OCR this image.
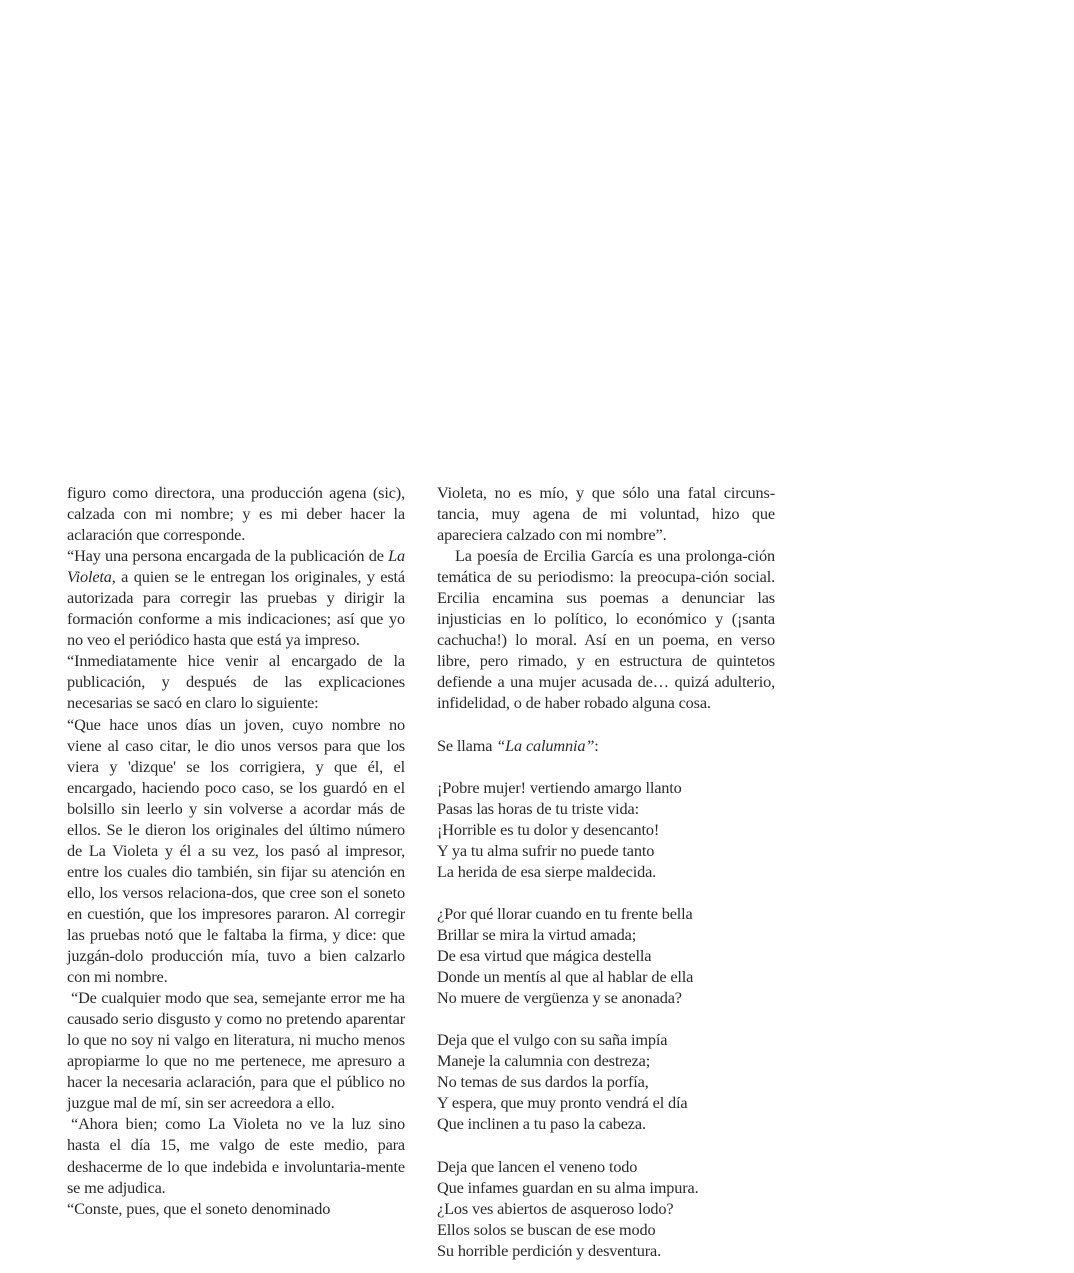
figuro como directora, una producción agena (sic), calzada con mi nombre; y es mi deber hacer la aclaración que corresponde.

“Hay una persona encargada de la publicación de La Violeta, a quien se le entregan los originales, y está autorizada para corregir las pruebas y dirigir la formación conforme a mis indicaciones; así que yo no veo el periódico hasta que está ya impreso.

“Inmediatamente hice venir al encargado de la publicación, y después de las explicaciones necesarias se sacó en claro lo siguiente:

“Que hace unos días un joven, cuyo nombre no viene al caso citar, le dio unos versos para que los viera y 'dizque' se los corrigiera, y que él, el encargado, haciendo poco caso, se los guardó en el bolsillo sin leerlo y sin volverse a acordar más de ellos. Se le dieron los originales del último número de La Violeta y él a su vez, los pasó al impresor, entre los cuales dio también, sin fijar su atención en ello, los versos relaciona-dos, que cree son el soneto en cuestión, que los impresores pararon. Al corregir las pruebas notó que le faltaba la firma, y dice: que juzgán-dolo producción mía, tuvo a bien calzarlo con mi nombre.

“De cualquier modo que sea, semejante error me ha causado serio disgusto y como no pretendo aparentar lo que no soy ni valgo en literatura, ni mucho menos apropiarme lo que no me pertenece, me apresuro a hacer la necesaria aclaración, para que el público no juzgue mal de mí, sin ser acreedora a ello.

“Ahora bien; como La Violeta no ve la luz sino hasta el día 15, me valgo de este medio, para deshacerme de lo que indebida e involuntaria-mente se me adjudica.

“Conste, pues, que el soneto denominado

Violeta, no es mío, y que sólo una fatal circuns-tancia, muy agena de mi voluntad, hizo que apareciera calzado con mi nombre”.

La poesía de Ercilia García es una prolonga-ción temática de su periodismo: la preocupa-ción social. Ercilia encamina sus poemas a denunciar las injusticias en lo político, lo económico y (¡santa cachucha!) lo moral. Así en un poema, en verso libre, pero rimado, y en estructura de quintetos defiende a una mujer acusada de… quizá adulterio, infidelidad, o de haber robado alguna cosa.

Se llama “La calumnia”:

¡Pobre mujer! vertiendo amargo llanto

Pasas las horas de tu triste vida:

¡Horrible es tu dolor y desencanto!

Y ya tu alma sufrir no puede tanto

La herida de esa sierpe maldecida.

¿Por qué llorar cuando en tu frente bella

Brillar se mira la virtud amada;

De esa virtud que mágica destella

Donde un mentís al que al hablar de ella

No muere de vergüenza y se anonada?

Deja que el vulgo con su saña impía

Maneje la calumnia con destreza;

No temas de sus dardos la porfía,

Y espera, que muy pronto vendrá el día

Que inclinen a tu paso la cabeza.

Deja que lancen el veneno todo

Que infames guardan en su alma impura.

¿Los ves abiertos de asqueroso lodo?

Ellos solos se buscan de ese modo

Su horrible perdición y desventura.
